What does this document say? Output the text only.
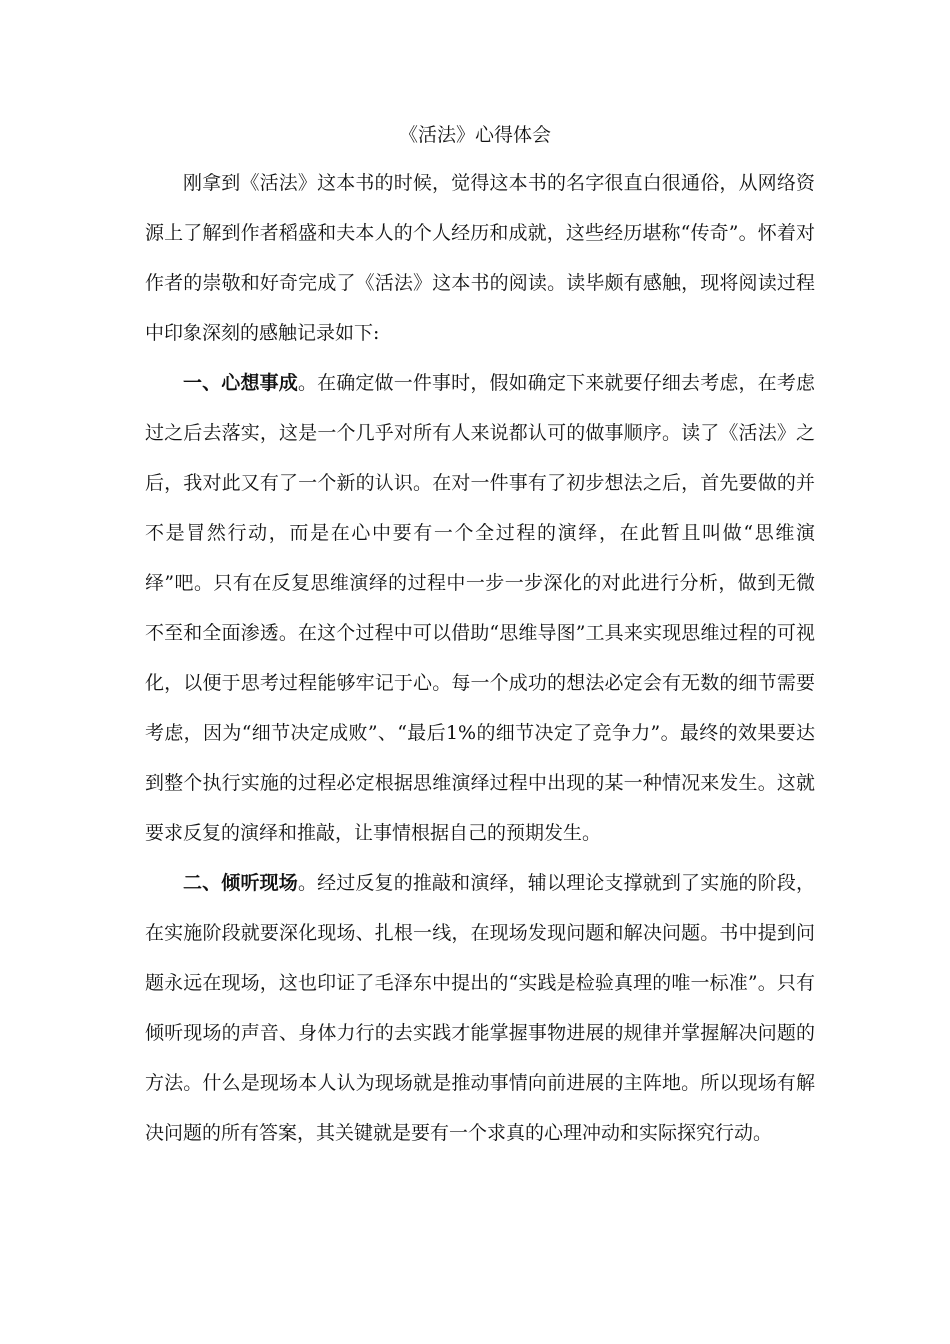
《活法》心得体会

刚拿到《活法》这本书的时候，觉得这本书的名字很直白很通俗，从网络资源上了解到作者稻盛和夫本人的个人经历和成就，这些经历堪称“传奇”。怀着对作者的崇敬和好奇完成了《活法》这本书的阅读。读毕颇有感触，现将阅读过程中印象深刻的感触记录如下:

一、心想事成。在确定做一件事时，假如确定下来就要仔细去考虑，在考虑过之后去落实，这是一个几乎对所有人来说都认可的做事顺序。读了《活法》之后，我对此又有了一个新的认识。在对一件事有了初步想法之后，首先要做的并不是冒然行动，而是在心中要有一个全过程的演绎，在此暂且叫做“思维演绎”吧。只有在反复思维演绎的过程中一步一步深化的对此进行分析，做到无微不至和全面渗透。在这个过程中可以借助“思维导图”工具来实现思维过程的可视化，以便于思考过程能够牢记于心。每一个成功的想法必定会有无数的细节需要考虑，因为“细节决定成败”、“最后1%的细节决定了竞争力”。最终的效果要达到整个执行实施的过程必定根据思维演绎过程中出现的某一种情况来发生。这就要求反复的演绎和推敲，让事情根据自己的预期发生。

二、倾听现场。经过反复的推敲和演绎，辅以理论支撑就到了实施的阶段，在实施阶段就要深化现场、扎根一线，在现场发现问题和解决问题。书中提到问题永远在现场，这也印证了毛泽东中提出的“实践是检验真理的唯一标准”。只有倾听现场的声音、身体力行的去实践才能掌握事物进展的规律并掌握解决问题的方法。什么是现场本人认为现场就是推动事情向前进展的主阵地。所以现场有解决问题的所有答案，其关键就是要有一个求真的心理冲动和实际探究行动。
